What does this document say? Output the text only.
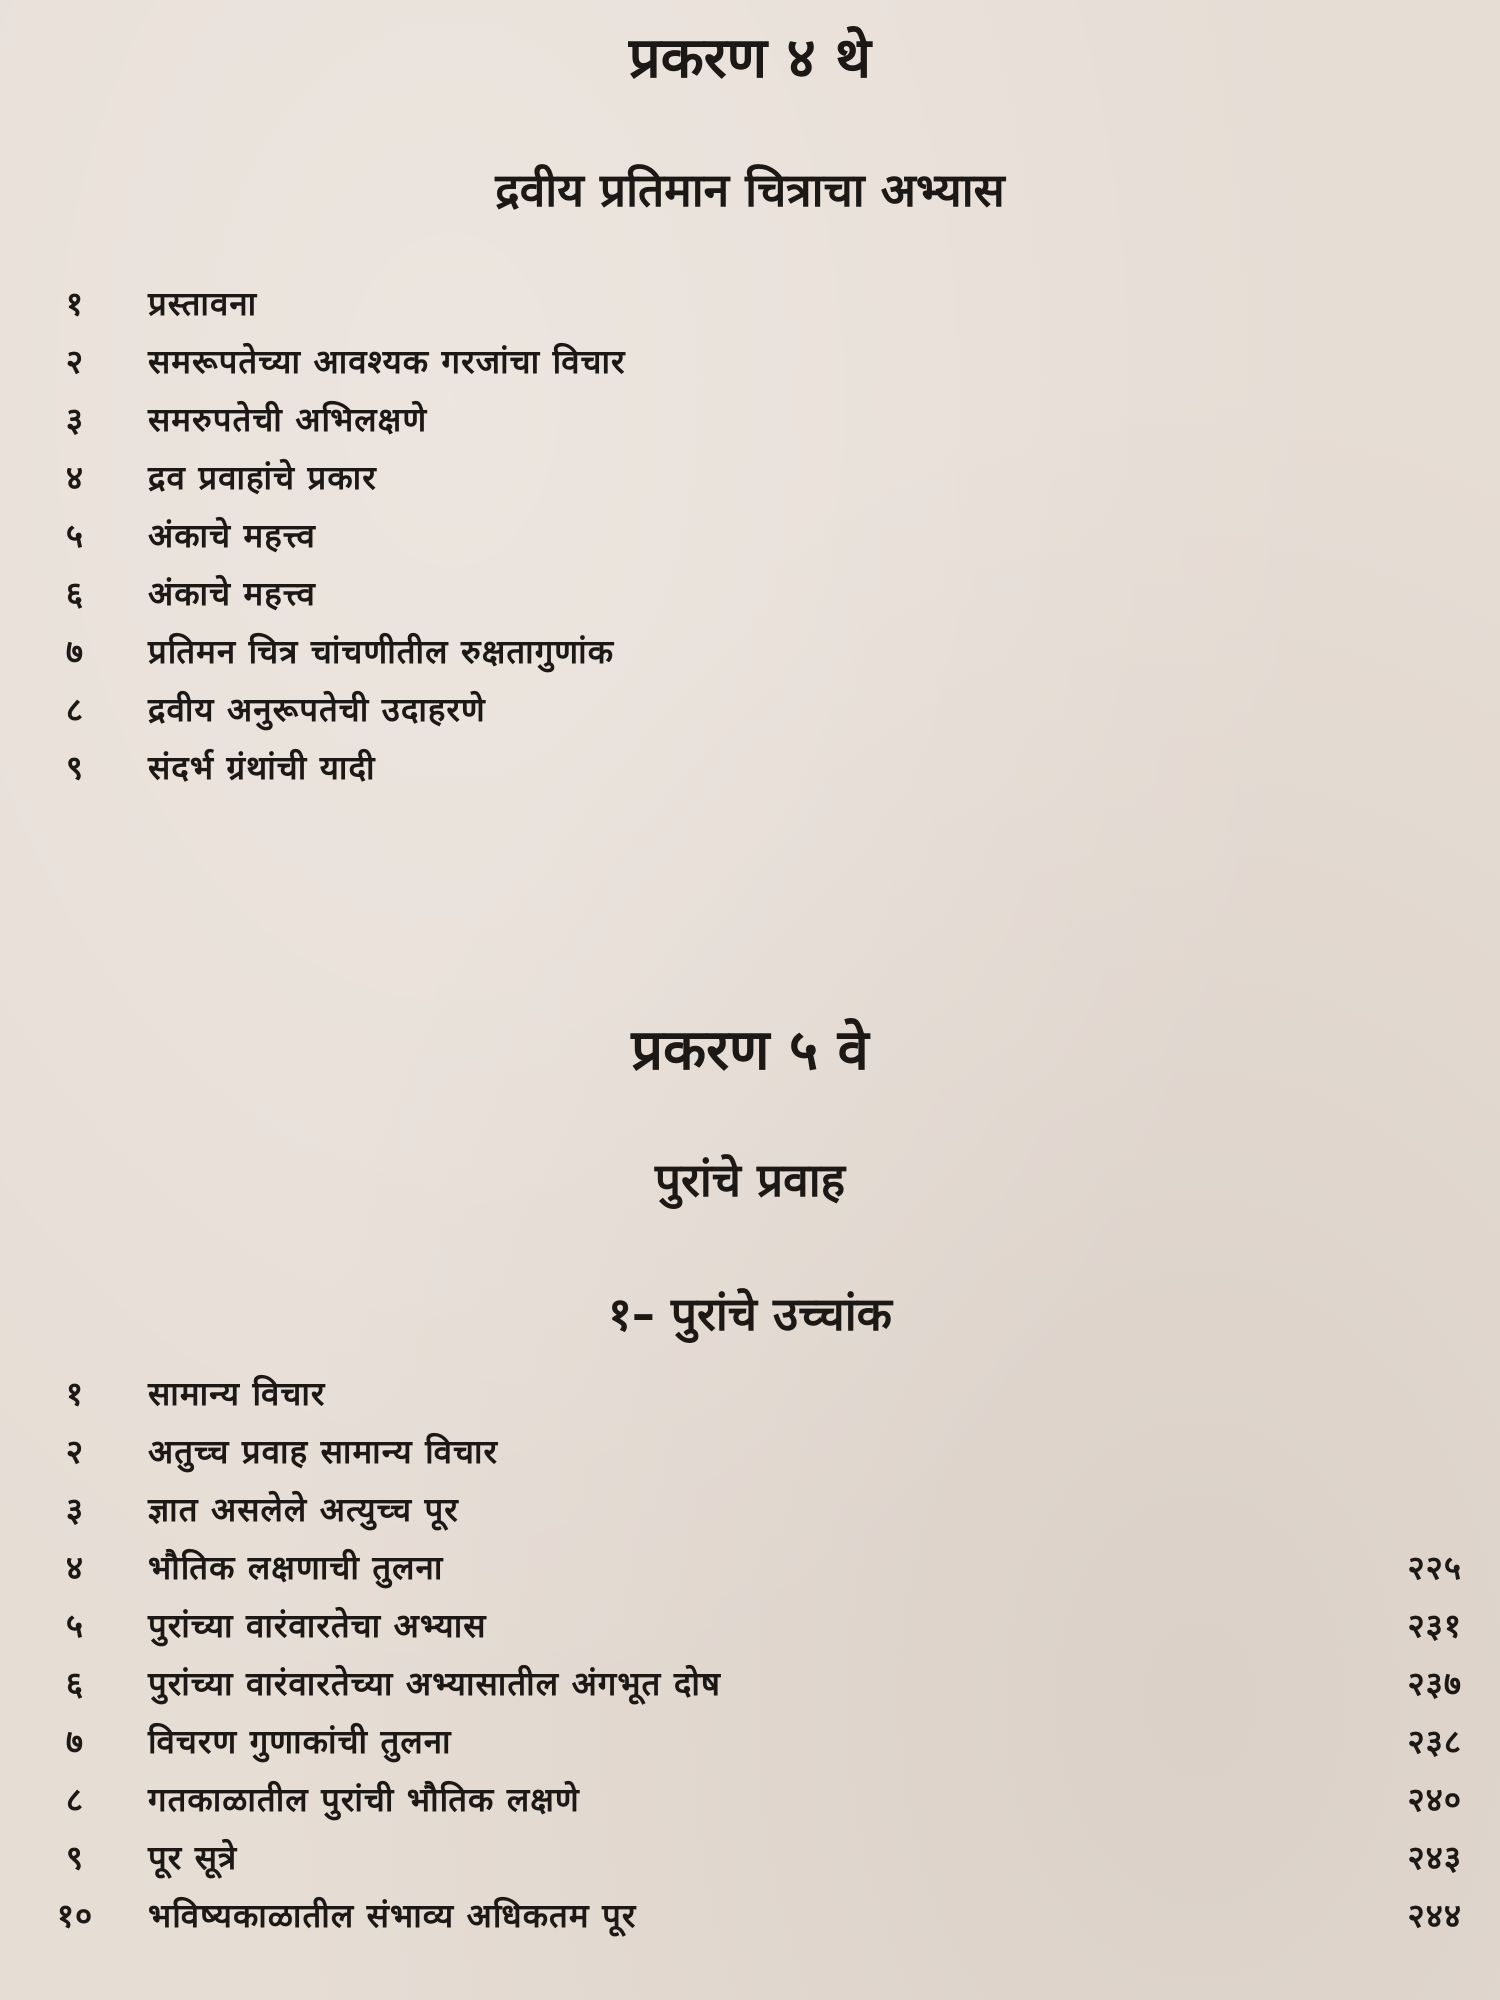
प्रकरण ४ थे
द्रवीय प्रतिमान चित्राचा अभ्यास
१	प्रस्तावना
२	समरूपतेच्या आवश्यक गरजांचा विचार
३	समरुपतेची अभिलक्षणे
४	द्रव प्रवाहांचे प्रकार
५	अंकाचे महत्त्व
६	अंकाचे महत्त्व
७	प्रतिमन चित्र चांचणीतील रुक्षतागुणांक
८	द्रवीय अनुरूपतेची उदाहरणे
९	संदर्भ ग्रंथांची यादी
प्रकरण ५ वे
पुरांचे प्रवाह
१– पुरांचे उच्चांक
१	सामान्य विचार
२	अतुच्च प्रवाह सामान्य विचार
३	ज्ञात असलेले अत्युच्च पूर
४	भौतिक लक्षणाची तुलना	२२५
५	पुरांच्या वारंवारतेचा अभ्यास	२३१
६	पुरांच्या वारंवारतेच्या अभ्यासातील अंगभूत दोष	२३७
७	विचरण गुणाकांची तुलना	२३८
८	गतकाळातील पुरांची भौतिक लक्षणे	२४०
९	पूर सूत्रे	२४३
१०	भविष्यकाळातील संभाव्य अधिकतम पूर	२४४
